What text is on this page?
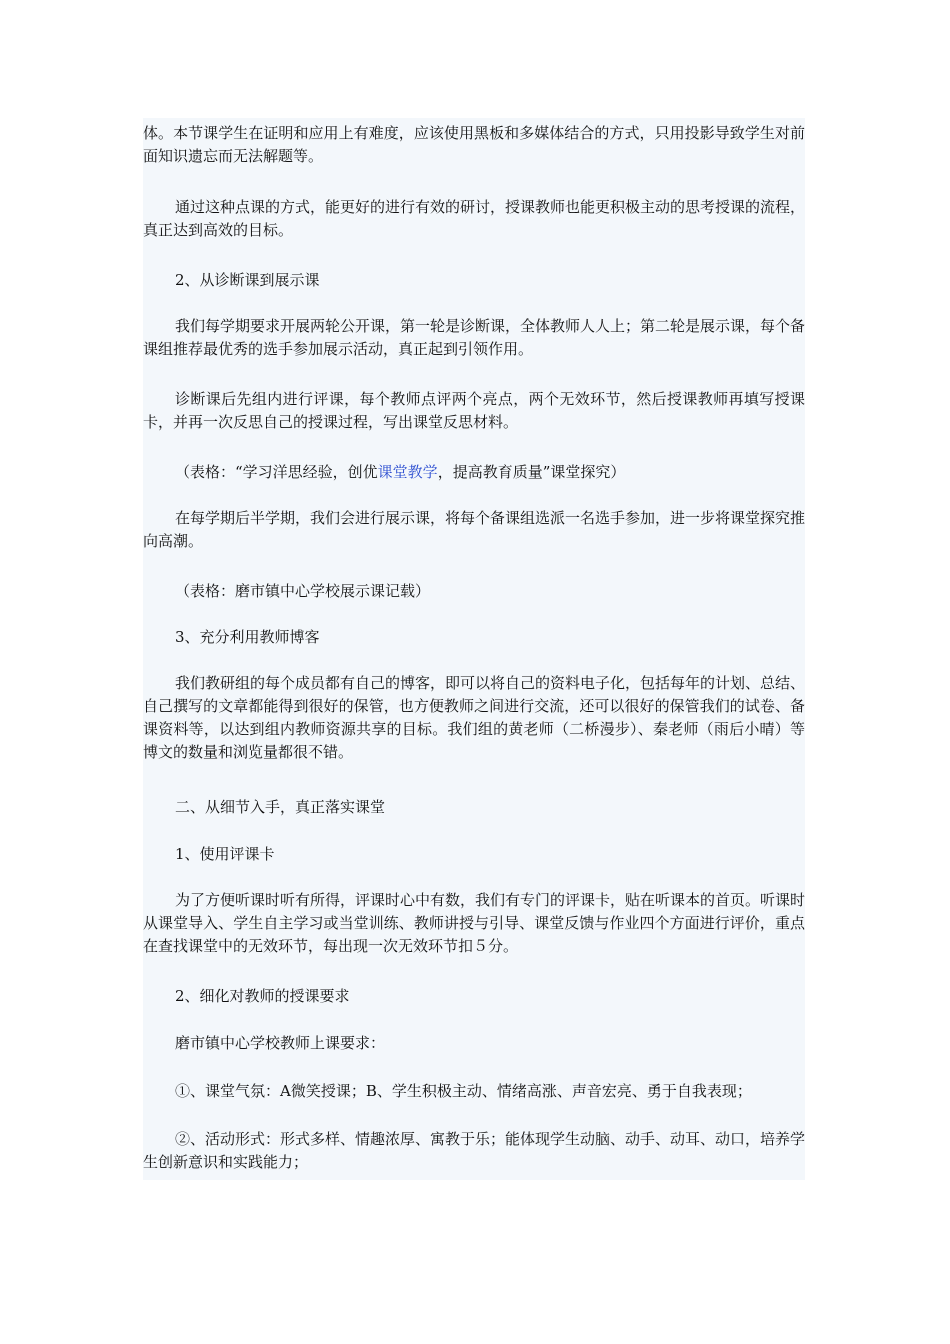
体。本节课学生在证明和应用上有难度，应该使用黑板和多媒体结合的方式，只用投影导致学生对前面知识遗忘而无法解题等。

通过这种点课的方式，能更好的进行有效的研讨，授课教师也能更积极主动的思考授课的流程，真正达到高效的目标。

2、从诊断课到展示课

我们每学期要求开展两轮公开课，第一轮是诊断课，全体教师人人上；第二轮是展示课，每个备课组推荐最优秀的选手参加展示活动，真正起到引领作用。

诊断课后先组内进行评课，每个教师点评两个亮点，两个无效环节，然后授课教师再填写授课卡，并再一次反思自己的授课过程，写出课堂反思材料。

（表格：“学习洋思经验，创优课堂教学，提高教育质量”课堂探究）

在每学期后半学期，我们会进行展示课，将每个备课组选派一名选手参加，进一步将课堂探究推向高潮。

（表格：磨市镇中心学校展示课记载）

3、充分利用教师博客

我们教研组的每个成员都有自己的博客，即可以将自己的资料电子化，包括每年的计划、总结、自己撰写的文章都能得到很好的保管，也方便教师之间进行交流，还可以很好的保管我们的试卷、备课资料等，以达到组内教师资源共享的目标。我们组的黄老师（二桥漫步）、秦老师（雨后小晴）等博文的数量和浏览量都很不错。

二、从细节入手，真正落实课堂

1、使用评课卡

为了方便听课时听有所得，评课时心中有数，我们有专门的评课卡，贴在听课本的首页。听课时从课堂导入、学生自主学习或当堂训练、教师讲授与引导、课堂反馈与作业四个方面进行评价，重点在查找课堂中的无效环节，每出现一次无效环节扣５分。

2、细化对教师的授课要求

磨市镇中心学校教师上课要求：

①、课堂气氛：A微笑授课；B、学生积极主动、情绪高涨、声音宏亮、勇于自我表现；

②、活动形式：形式多样、情趣浓厚、寓教于乐；能体现学生动脑、动手、动耳、动口，培养学生创新意识和实践能力；
